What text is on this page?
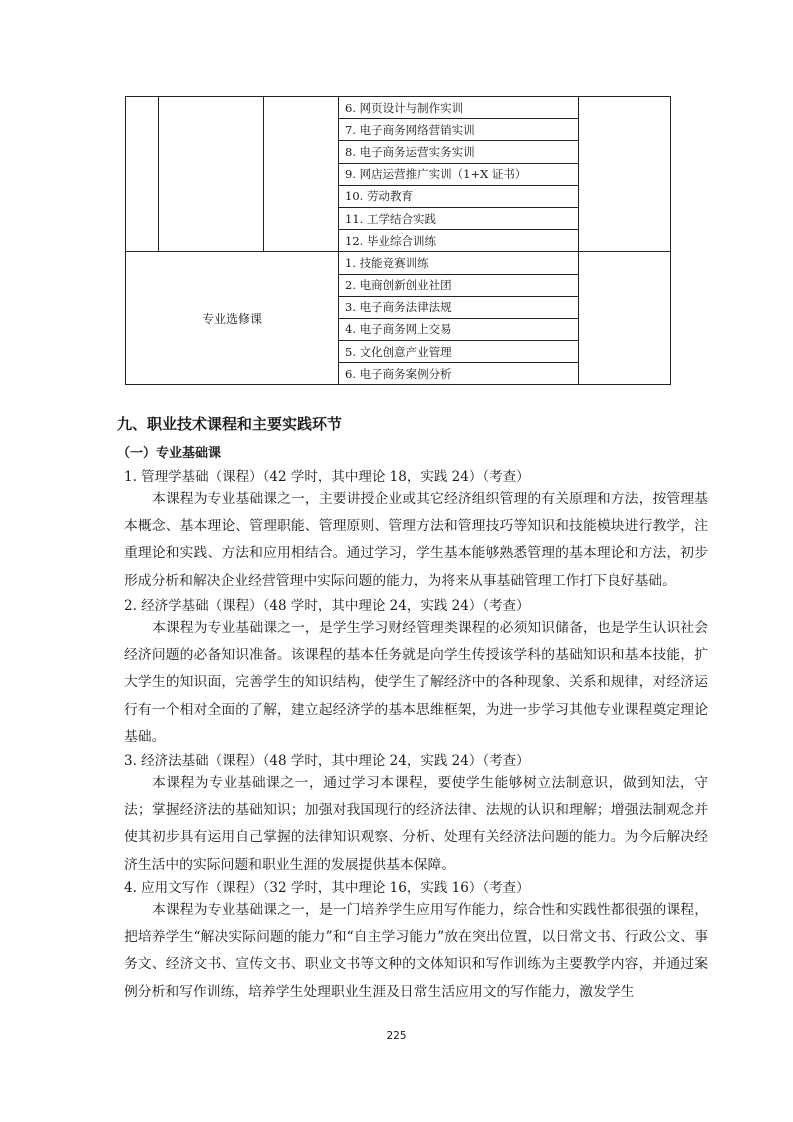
			6. 网页设计与制作实训	
			7. 电子商务网络营销实训	
			8. 电子商务运营实务实训	
			9. 网店运营推广实训（1+X 证书）	
			10. 劳动教育	
			11. 工学结合实践	
			12. 毕业综合训练	
专业选修课			1. 技能竞赛训练	
			2. 电商创新创业社团	
			3. 电子商务法律法规	
			4. 电子商务网上交易	
			5. 文化创意产业管理	
			6. 电子商务案例分析	
九、职业技术课程和主要实践环节
（一）专业基础课
1. 管理学基础（课程）（42 学时，其中理论 18，实践 24）（考查）

本课程为专业基础课之一，主要讲授企业或其它经济组织管理的有关原理和方法，按管理基本概念、基本理论、管理职能、管理原则、管理方法和管理技巧等知识和技能模块进行教学，注重理论和实践、方法和应用相结合。通过学习，学生基本能够熟悉管理的基本理论和方法，初步形成分析和解决企业经营管理中实际问题的能力，为将来从事基础管理工作打下良好基础。

2. 经济学基础（课程）（48 学时，其中理论 24，实践 24）（考查）

本课程为专业基础课之一，是学生学习财经管理类课程的必须知识储备，也是学生认识社会经济问题的必备知识准备。该课程的基本任务就是向学生传授该学科的基础知识和基本技能，扩大学生的知识面，完善学生的知识结构，使学生了解经济中的各种现象、关系和规律，对经济运行有一个相对全面的了解，建立起经济学的基本思维框架，为进一步学习其他专业课程奠定理论基础。

3. 经济法基础（课程）（48 学时，其中理论 24，实践 24）（考查）

本课程为专业基础课之一，通过学习本课程，要使学生能够树立法制意识，做到知法，守法；掌握经济法的基础知识；加强对我国现行的经济法律、法规的认识和理解；增强法制观念并使其初步具有运用自己掌握的法律知识观察、分析、处理有关经济法问题的能力。为今后解决经济生活中的实际问题和职业生涯的发展提供基本保障。

4. 应用文写作（课程）（32 学时，其中理论 16，实践 16）（考查）

本课程为专业基础课之一，是一门培养学生应用写作能力，综合性和实践性都很强的课程，把培养学生“解决实际问题的能力”和“自主学习能力”放在突出位置，以日常文书、行政公文、事务文、经济文书、宣传文书、职业文书等文种的文体知识和写作训练为主要教学内容，并通过案例分析和写作训练，培养学生处理职业生涯及日常生活应用文的写作能力，激发学生

225
